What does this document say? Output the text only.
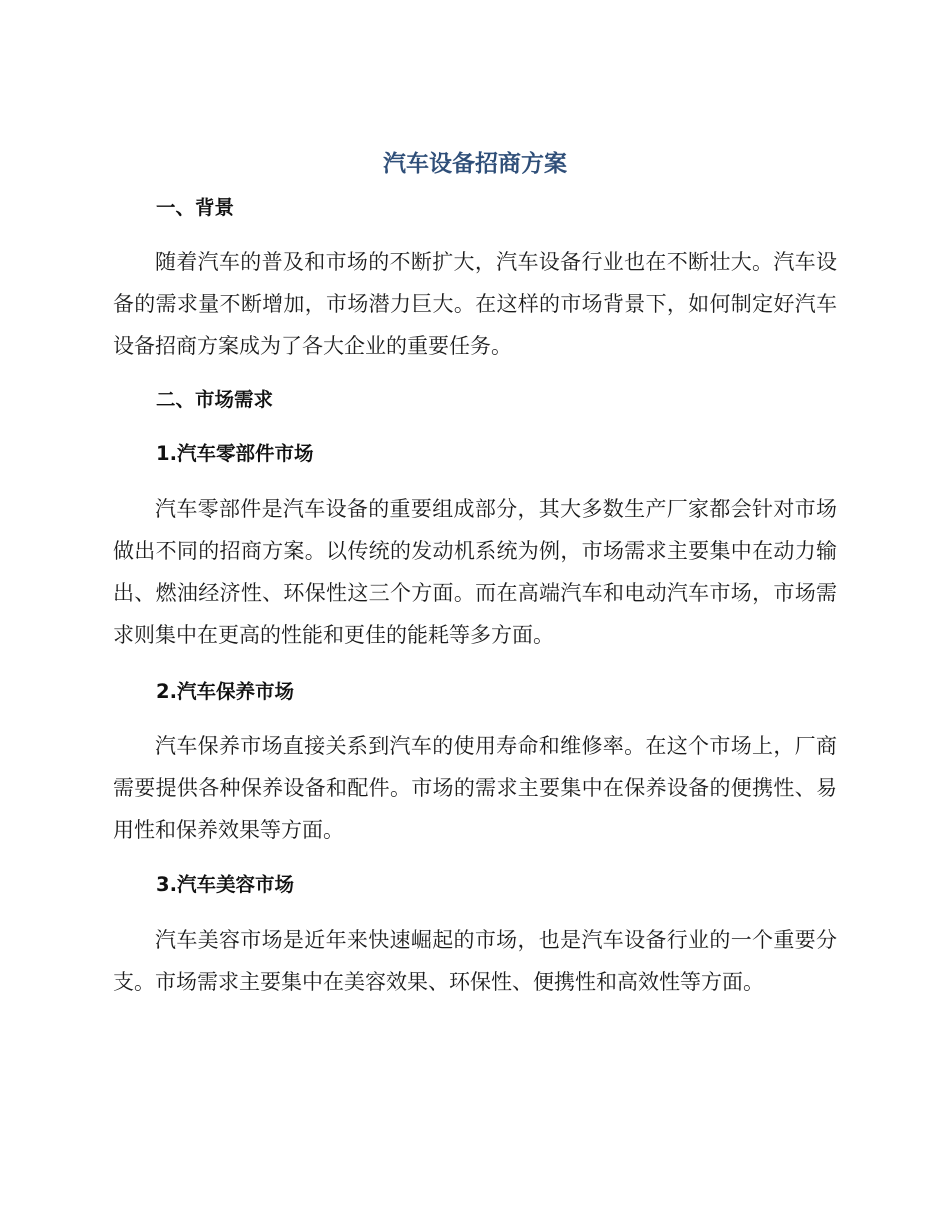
汽车设备招商方案
一、背景

随着汽车的普及和市场的不断扩大，汽车设备行业也在不断壮大。汽车设备的需求量不断增加，市场潜力巨大。在这样的市场背景下，如何制定好汽车设备招商方案成为了各大企业的重要任务。

二、市场需求
1.汽车零部件市场

汽车零部件是汽车设备的重要组成部分，其大多数生产厂家都会针对市场做出不同的招商方案。以传统的发动机系统为例，市场需求主要集中在动力输出、燃油经济性、环保性这三个方面。而在高端汽车和电动汽车市场，市场需求则集中在更高的性能和更佳的能耗等多方面。

2.汽车保养市场

汽车保养市场直接关系到汽车的使用寿命和维修率。在这个市场上，厂商需要提供各种保养设备和配件。市场的需求主要集中在保养设备的便携性、易用性和保养效果等方面。

3.汽车美容市场

汽车美容市场是近年来快速崛起的市场，也是汽车设备行业的一个重要分支。市场需求主要集中在美容效果、环保性、便携性和高效性等方面。
